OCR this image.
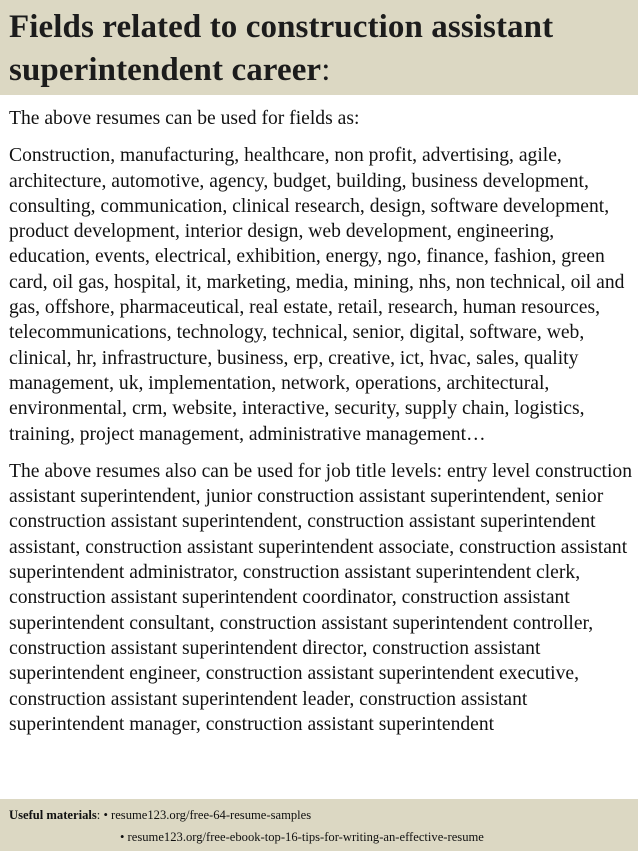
Fields related to construction assistant superintendent career:

The above resumes can be used for fields as:

Construction, manufacturing, healthcare, non profit, advertising, agile, architecture, automotive, agency, budget, building, business development, consulting, communication, clinical research, design, software development, product development, interior design, web development, engineering, education, events, electrical, exhibition, energy, ngo, finance, fashion, green card, oil gas, hospital, it, marketing, media, mining, nhs, non technical, oil and gas, offshore, pharmaceutical, real estate, retail, research, human resources, telecommunications, technology, technical, senior, digital, software, web, clinical, hr, infrastructure, business, erp, creative, ict, hvac, sales, quality management, uk, implementation, network, operations, architectural, environmental, crm, website, interactive, security, supply chain, logistics, training, project management, administrative management…

The above resumes also can be used for job title levels: entry level construction assistant superintendent, junior construction assistant superintendent, senior construction assistant superintendent, construction assistant superintendent assistant, construction assistant superintendent associate, construction assistant superintendent administrator, construction assistant superintendent clerk, construction assistant superintendent coordinator, construction assistant superintendent consultant, construction assistant superintendent controller, construction assistant superintendent director, construction assistant superintendent engineer, construction assistant superintendent executive, construction assistant superintendent leader, construction assistant superintendent manager, construction assistant superintendent

Useful materials: • resume123.org/free-64-resume-samples
• resume123.org/free-ebook-top-16-tips-for-writing-an-effective-resume
